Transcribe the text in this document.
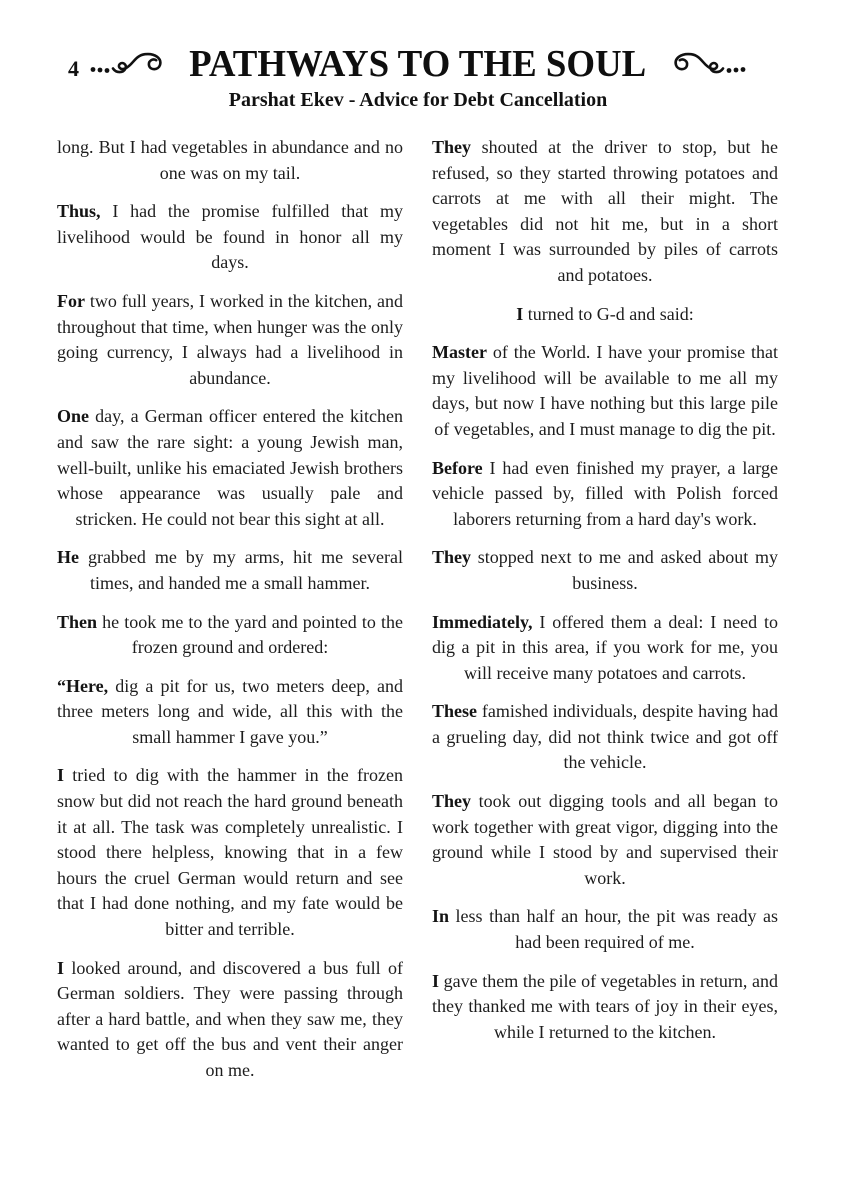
4	PATHWAYS TO THE SOUL
Parshat Ekev - Advice for Debt Cancellation

long. But I had vegetables in abundance and no one was on my tail.

Thus, I had the promise fulfilled that my livelihood would be found in honor all my days.

For two full years, I worked in the kitchen, and throughout that time, when hunger was the only going currency, I always had a livelihood in abundance.

One day, a German officer entered the kitchen and saw the rare sight: a young Jewish man, well-built, unlike his emaciated Jewish brothers whose appearance was usually pale and stricken. He could not bear this sight at all.

He grabbed me by my arms, hit me several times, and handed me a small hammer.

Then he took me to the yard and pointed to the frozen ground and ordered:

“Here, dig a pit for us, two meters deep, and three meters long and wide, all this with the small hammer I gave you.”

I tried to dig with the hammer in the frozen snow but did not reach the hard ground beneath it at all. The task was completely unrealistic. I stood there helpless, knowing that in a few hours the cruel German would return and see that I had done nothing, and my fate would be bitter and terrible.

I looked around, and discovered a bus full of German soldiers. They were passing through after a hard battle, and when they saw me, they wanted to get off the bus and vent their anger on me.

They shouted at the driver to stop, but he refused, so they started throwing potatoes and carrots at me with all their might. The vegetables did not hit me, but in a short moment I was surrounded by piles of carrots and potatoes.

I turned to G-d and said:

Master of the World. I have your promise that my livelihood will be available to me all my days, but now I have nothing but this large pile of vegetables, and I must manage to dig the pit.

Before I had even finished my prayer, a large vehicle passed by, filled with Polish forced laborers returning from a hard day's work.

They stopped next to me and asked about my business.

Immediately, I offered them a deal: I need to dig a pit in this area, if you work for me, you will receive many potatoes and carrots.

These famished individuals, despite having had a grueling day, did not think twice and got off the vehicle.

They took out digging tools and all began to work together with great vigor, digging into the ground while I stood by and supervised their work.

In less than half an hour, the pit was ready as had been required of me.

I gave them the pile of vegetables in return, and they thanked me with tears of joy in their eyes, while I returned to the kitchen.
